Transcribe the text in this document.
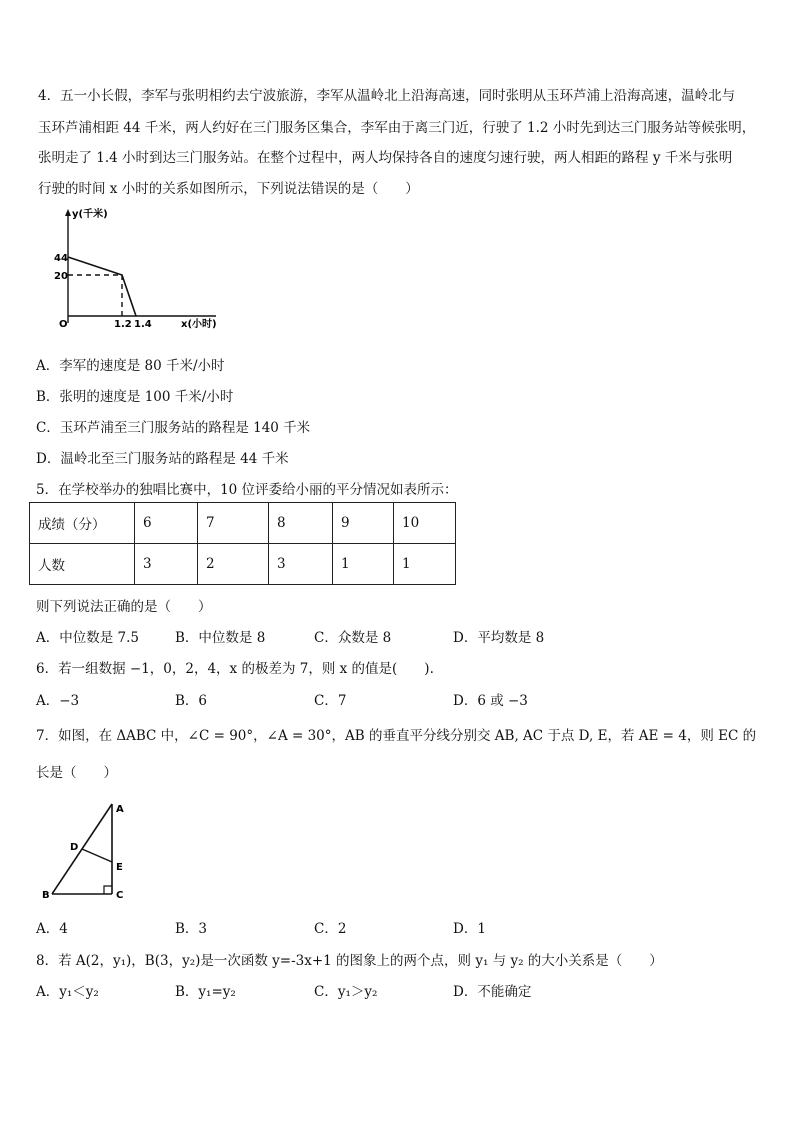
4．五一小长假，李军与张明相约去宁波旅游，李军从温岭北上沿海高速，同时张明从玉环芦浦上沿海高速，温岭北与
玉环芦浦相距 44 千米，两人约好在三门服务区集合，李军由于离三门近，行驶了 1.2 小时先到达三门服务站等候张明，
张明走了 1.4 小时到达三门服务站。在整个过程中，两人均保持各自的速度匀速行驶，两人相距的路程 y 千米与张明
行驶的时间 x 小时的关系如图所示，下列说法错误的是（　　）
y(千米)
44
20
O	1.2 1.4	x(小时)
A．李军的速度是 80 千米/小时
B．张明的速度是 100 千米/小时
C．玉环芦浦至三门服务站的路程是 140 千米
D．温岭北至三门服务站的路程是 44 千米
5．在学校举办的独唱比赛中，10 位评委给小丽的平分情况如表所示：
成绩（分）	6	7	8	9	10
人数	3	2	3	1	1
则下列说法正确的是（　　）
A．中位数是 7.5	B．中位数是 8	C．众数是 8	D．平均数是 8
6．若一组数据 −1，0，2，4，x 的极差为 7，则 x 的值是(　　).
A．−3	B．6	C．7	D．6 或 −3
7．如图，在 ΔABC 中，∠C = 90°，∠A = 30°，AB 的垂直平分线分别交 AB, AC 于点 D, E，若 AE = 4，则 EC 的
长是（　　）
A
B	C
D
E
A．4	B．3	C．2	D．1
8．若 A(2，y₁)，B(3，y₂)是一次函数 y=-3x+1 的图象上的两个点，则 y₁ 与 y₂ 的大小关系是（　　）
A．y₁＜y₂	B．y₁=y₂	C．y₁＞y₂	D．不能确定
